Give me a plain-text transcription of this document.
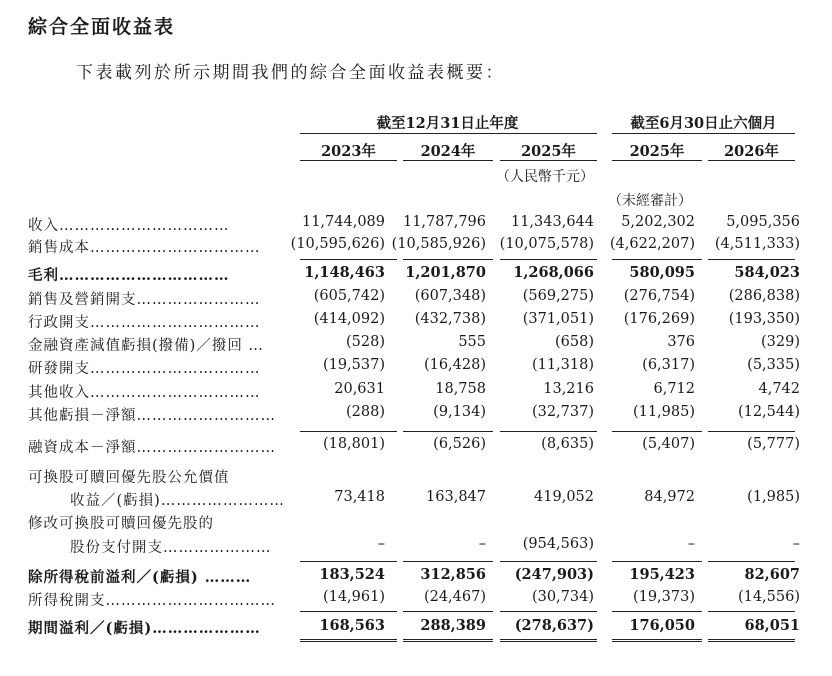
綜合全面收益表
下表載列於所示期間我們的綜合全面收益表概要：
截至12月31日止年度	截至6月30日止六個月
2023年	2024年	2025年	2025年	2026年
（人民幣千元）
（未經審計）
收入……………………………	11,744,089	11,787,796	11,343,644	5,202,302	5,095,356
銷售成本……………………………	(10,595,626) (10,585,926) (10,075,578)	(4,622,207)	(4,511,333)
毛利……………………………	1,148,463	1,201,870	1,268,066	580,095	584,023
銷售及營銷開支……………………	(605,742)	(607,348)	(569,275)	(276,754)	(286,838)
行政開支……………………………	(414,092)	(432,738)	(371,051)	(176,269)	(193,350)
金融資產減值虧損(撥備)／撥回 …	(528)	555	(658)	376	(329)
研發開支……………………………	(19,537)	(16,428)	(11,318)	(6,317)	(5,335)
其他收入……………………………	20,631	18,758	13,216	6,712	4,742
其他虧損－淨額………………………	(288)	(9,134)	(32,737)	(11,985)	(12,544)
融資成本－淨額………………………	(18,801)	(6,526)	(8,635)	(5,407)	(5,777)
可換股可贖回優先股公允價值
收益／(虧損)……………………	73,418	163,847	419,052	84,972	(1,985)
修改可換股可贖回優先股的
股份支付開支…………………	–	–	(954,563)	–	–
除所得稅前溢利／(虧損) ………	183,524	312,856	(247,903)	195,423	82,607
所得稅開支……………………………	(14,961)	(24,467)	(30,734)	(19,373)	(14,556)
期間溢利／(虧損)…………………	168,563	288,389	(278,637)	176,050	68,051
